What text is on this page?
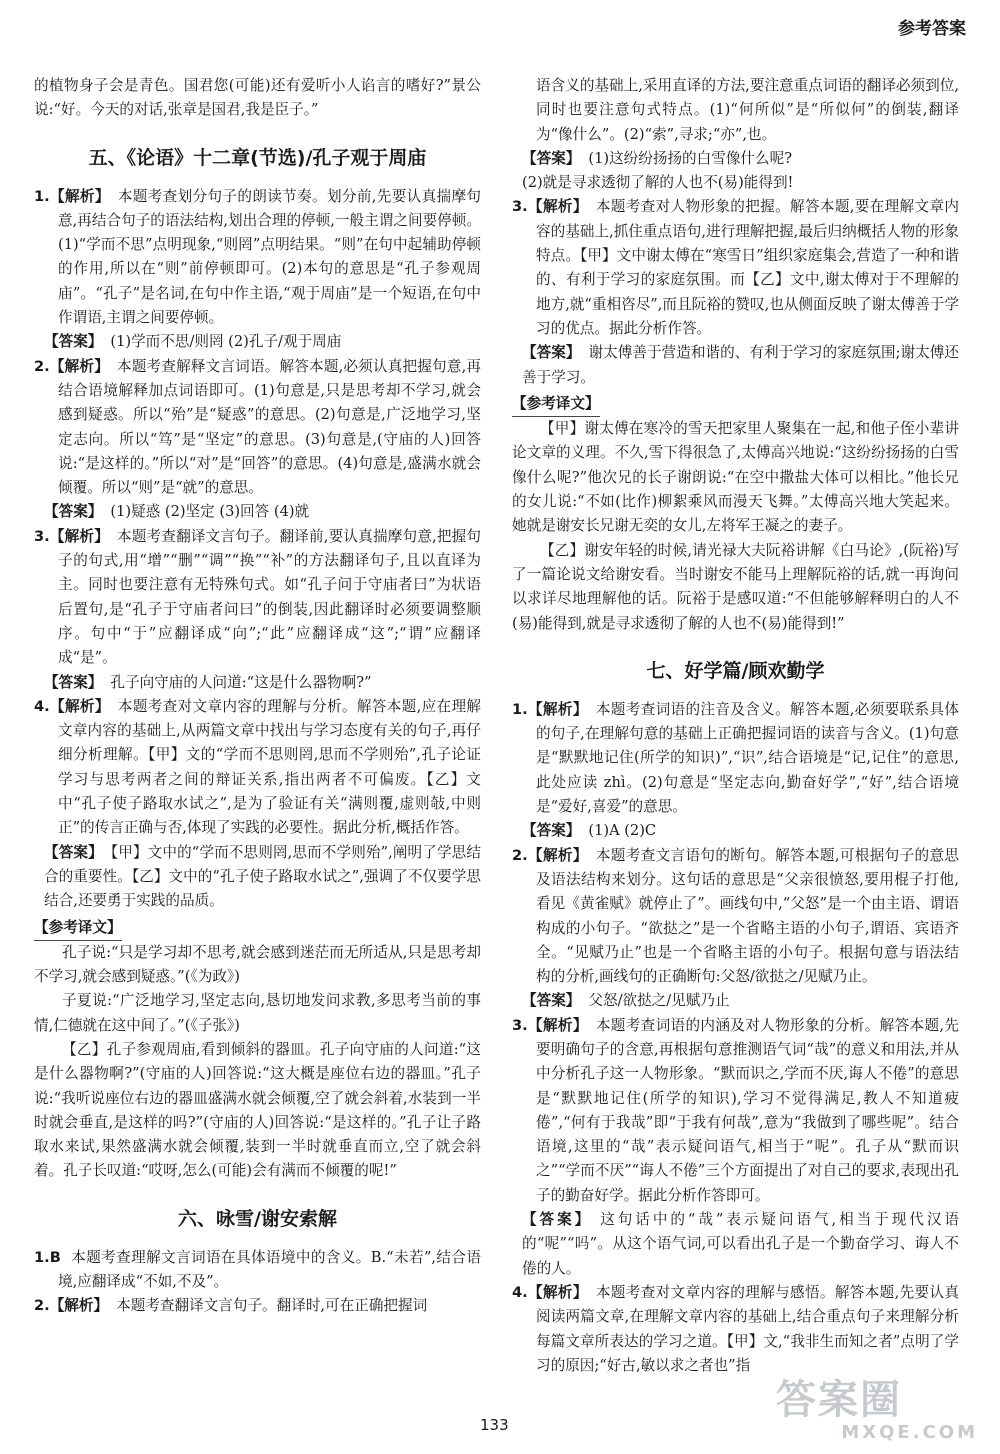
参考答案

的植物身子会是青色。国君您(可能)还有爱听小人谄言的嗜好?”景公说:“好。今天的对话,张章是国君,我是臣子。”

五、《论语》十二章(节选)/孔子观于周庙

1.【解析】 本题考查划分句子的朗读节奏。划分前,先要认真揣摩句意,再结合句子的语法结构,划出合理的停顿,一般主谓之间要停顿。(1)“学而不思”点明现象,“则罔”点明结果。“则”在句中起辅助停顿的作用,所以在“则”前停顿即可。(2)本句的意思是“孔子参观周庙”。“孔子”是名词,在句中作主语,“观于周庙”是一个短语,在句中作谓语,主谓之间要停顿。

【答案】 (1)学而不思/则罔 (2)孔子/观于周庙

2.【解析】 本题考查解释文言词语。解答本题,必须认真把握句意,再结合语境解释加点词语即可。(1)句意是,只是思考却不学习,就会感到疑惑。所以“殆”是“疑惑”的意思。(2)句意是,广泛地学习,坚定志向。所以“笃”是“坚定”的意思。(3)句意是,(守庙的人)回答说:“是这样的。”所以“对”是“回答”的意思。(4)句意是,盛满水就会倾覆。所以“则”是“就”的意思。

【答案】 (1)疑惑 (2)坚定 (3)回答 (4)就

3.【解析】 本题考查翻译文言句子。翻译前,要认真揣摩句意,把握句子的句式,用“增”“删”“调”“换”“补”的方法翻译句子,且以直译为主。同时也要注意有无特殊句式。如“孔子问于守庙者曰”为状语后置句,是“孔子于守庙者问曰”的倒装,因此翻译时必须要调整顺序。句中“于”应翻译成“向”;“此”应翻译成“这”;“谓”应翻译成“是”。

【答案】 孔子向守庙的人问道:“这是什么器物啊?”

4.【解析】 本题考查对文章内容的理解与分析。解答本题,应在理解文章内容的基础上,从两篇文章中找出与学习态度有关的句子,再仔细分析理解。【甲】文的“学而不思则罔,思而不学则殆”,孔子论证学习与思考两者之间的辩证关系,指出两者不可偏废。【乙】文中“孔子使子路取水试之”,是为了验证有关“满则覆,虚则敧,中则正”的传言正确与否,体现了实践的必要性。据此分析,概括作答。

【答案】 【甲】文中的“学而不思则罔,思而不学则殆”,阐明了学思结合的重要性。【乙】文中的“孔子使子路取水试之”,强调了不仅要学思结合,还要勇于实践的品质。

【参考译文】

孔子说:“只是学习却不思考,就会感到迷茫而无所适从,只是思考却不学习,就会感到疑惑。”(《为政》)

子夏说:“广泛地学习,坚定志向,恳切地发问求教,多思考当前的事情,仁德就在这中间了。”(《子张》)

【乙】孔子参观周庙,看到倾斜的器皿。孔子向守庙的人问道:“这是什么器物啊?”(守庙的人)回答说:“这大概是座位右边的器皿。”孔子说:“我听说座位右边的器皿盛满水就会倾覆,空了就会斜着,水装到一半时就会垂直,是这样的吗?”(守庙的人)回答说:“是这样的。”孔子让子路取水来试,果然盛满水就会倾覆,装到一半时就垂直而立,空了就会斜着。孔子长叹道:“哎呀,怎么(可能)会有满而不倾覆的呢!”

六、咏雪/谢安索解

1.B 本题考查理解文言词语在具体语境中的含义。B.“未若”,结合语境,应翻译成“不如,不及”。

2.【解析】 本题考查翻译文言句子。翻译时,可在正确把握词

语含义的基础上,采用直译的方法,要注意重点词语的翻译必须到位,同时也要注意句式特点。(1)“何所似”是“所似何”的倒装,翻译为“像什么”。(2)“索”,寻求;“亦”,也。

【答案】 (1)这纷纷扬扬的白雪像什么呢?

(2)就是寻求透彻了解的人也不(易)能得到!

3.【解析】 本题考查对人物形象的把握。解答本题,要在理解文章内容的基础上,抓住重点语句,进行理解把握,最后归纳概括人物的形象特点。【甲】文中谢太傅在“寒雪日”组织家庭集会,营造了一种和谐的、有利于学习的家庭氛围。而【乙】文中,谢太傅对于不理解的地方,就“重相咨尽”,而且阮裕的赞叹,也从侧面反映了谢太傅善于学习的优点。据此分析作答。

【答案】 谢太傅善于营造和谐的、有利于学习的家庭氛围;谢太傅还善于学习。

【参考译文】

【甲】谢太傅在寒冷的雪天把家里人聚集在一起,和他子侄小辈讲论文章的义理。不久,雪下得很急了,太傅高兴地说:“这纷纷扬扬的白雪像什么呢?”他次兄的长子谢朗说:“在空中撒盐大体可以相比。”他长兄的女儿说:“不如(比作)柳絮乘风而漫天飞舞。”太傅高兴地大笑起来。她就是谢安长兄谢无奕的女儿,左将军王凝之的妻子。

【乙】谢安年轻的时候,请光禄大夫阮裕讲解《白马论》,(阮裕)写了一篇论说文给谢安看。当时谢安不能马上理解阮裕的话,就一再询问以求详尽地理解他的话。阮裕于是感叹道:“不但能够解释明白的人不(易)能得到,就是寻求透彻了解的人也不(易)能得到!”

七、好学篇/顾欢勤学

1.【解析】 本题考查词语的注音及含义。解答本题,必须要联系具体的句子,在理解句意的基础上正确把握词语的读音与含义。(1)句意是“默默地记住(所学的知识)”,“识”,结合语境是“记,记住”的意思,此处应读 zhì。(2)句意是“坚定志向,勤奋好学”,“好”,结合语境是“爱好,喜爱”的意思。

【答案】 (1)A (2)C

2.【解析】 本题考查文言语句的断句。解答本题,可根据句子的意思及语法结构来划分。这句话的意思是“父亲很愤怒,要用棍子打他,看见《黄雀赋》就停止了”。画线句中,“父怒”是一个由主语、谓语构成的小句子。“欲挞之”是一个省略主语的小句子,谓语、宾语齐全。“见赋乃止”也是一个省略主语的小句子。根据句意与语法结构的分析,画线句的正确断句:父怒/欲挞之/见赋乃止。

【答案】 父怒/欲挞之/见赋乃止

3.【解析】 本题考查词语的内涵及对人物形象的分析。解答本题,先要明确句子的含意,再根据句意推测语气词“哉”的意义和用法,并从中分析孔子这一人物形象。“默而识之,学而不厌,诲人不倦”的意思是“默默地记住(所学的知识),学习不觉得满足,教人不知道疲倦”,“何有于我哉”即“于我有何哉”,意为“我做到了哪些呢”。结合语境,这里的“哉”表示疑问语气,相当于“呢”。孔子从“默而识之”“学而不厌”“诲人不倦”三个方面提出了对自己的要求,表现出孔子的勤奋好学。据此分析作答即可。

【答案】 这句话中的“哉”表示疑问语气,相当于现代汉语的“呢”“吗”。从这个语气词,可以看出孔子是一个勤奋学习、诲人不倦的人。

4.【解析】 本题考查对文章内容的理解与感悟。解答本题,先要认真阅读两篇文章,在理解文章内容的基础上,结合重点句子来理解分析每篇文章所表达的学习之道。【甲】文,“我非生而知之者”点明了学习的原因;“好古,敏以求之者也”指

133
答案圈
MXQE.COM
